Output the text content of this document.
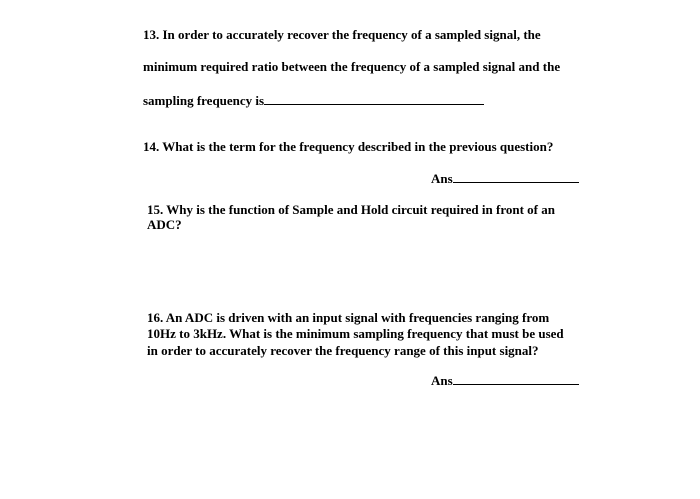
13. In order to accurately recover the frequency of a sampled signal, the
minimum required ratio between the frequency of a sampled signal and the
sampling frequency is
14. What is the term for the frequency described in the previous question?
Ans
15. Why is the function of Sample and Hold circuit required in front of an
ADC?
16. An ADC is driven with an input signal with frequencies ranging from
10Hz to 3kHz. What is the minimum sampling frequency that must be used
in order to accurately recover the frequency range of this input signal?
Ans
